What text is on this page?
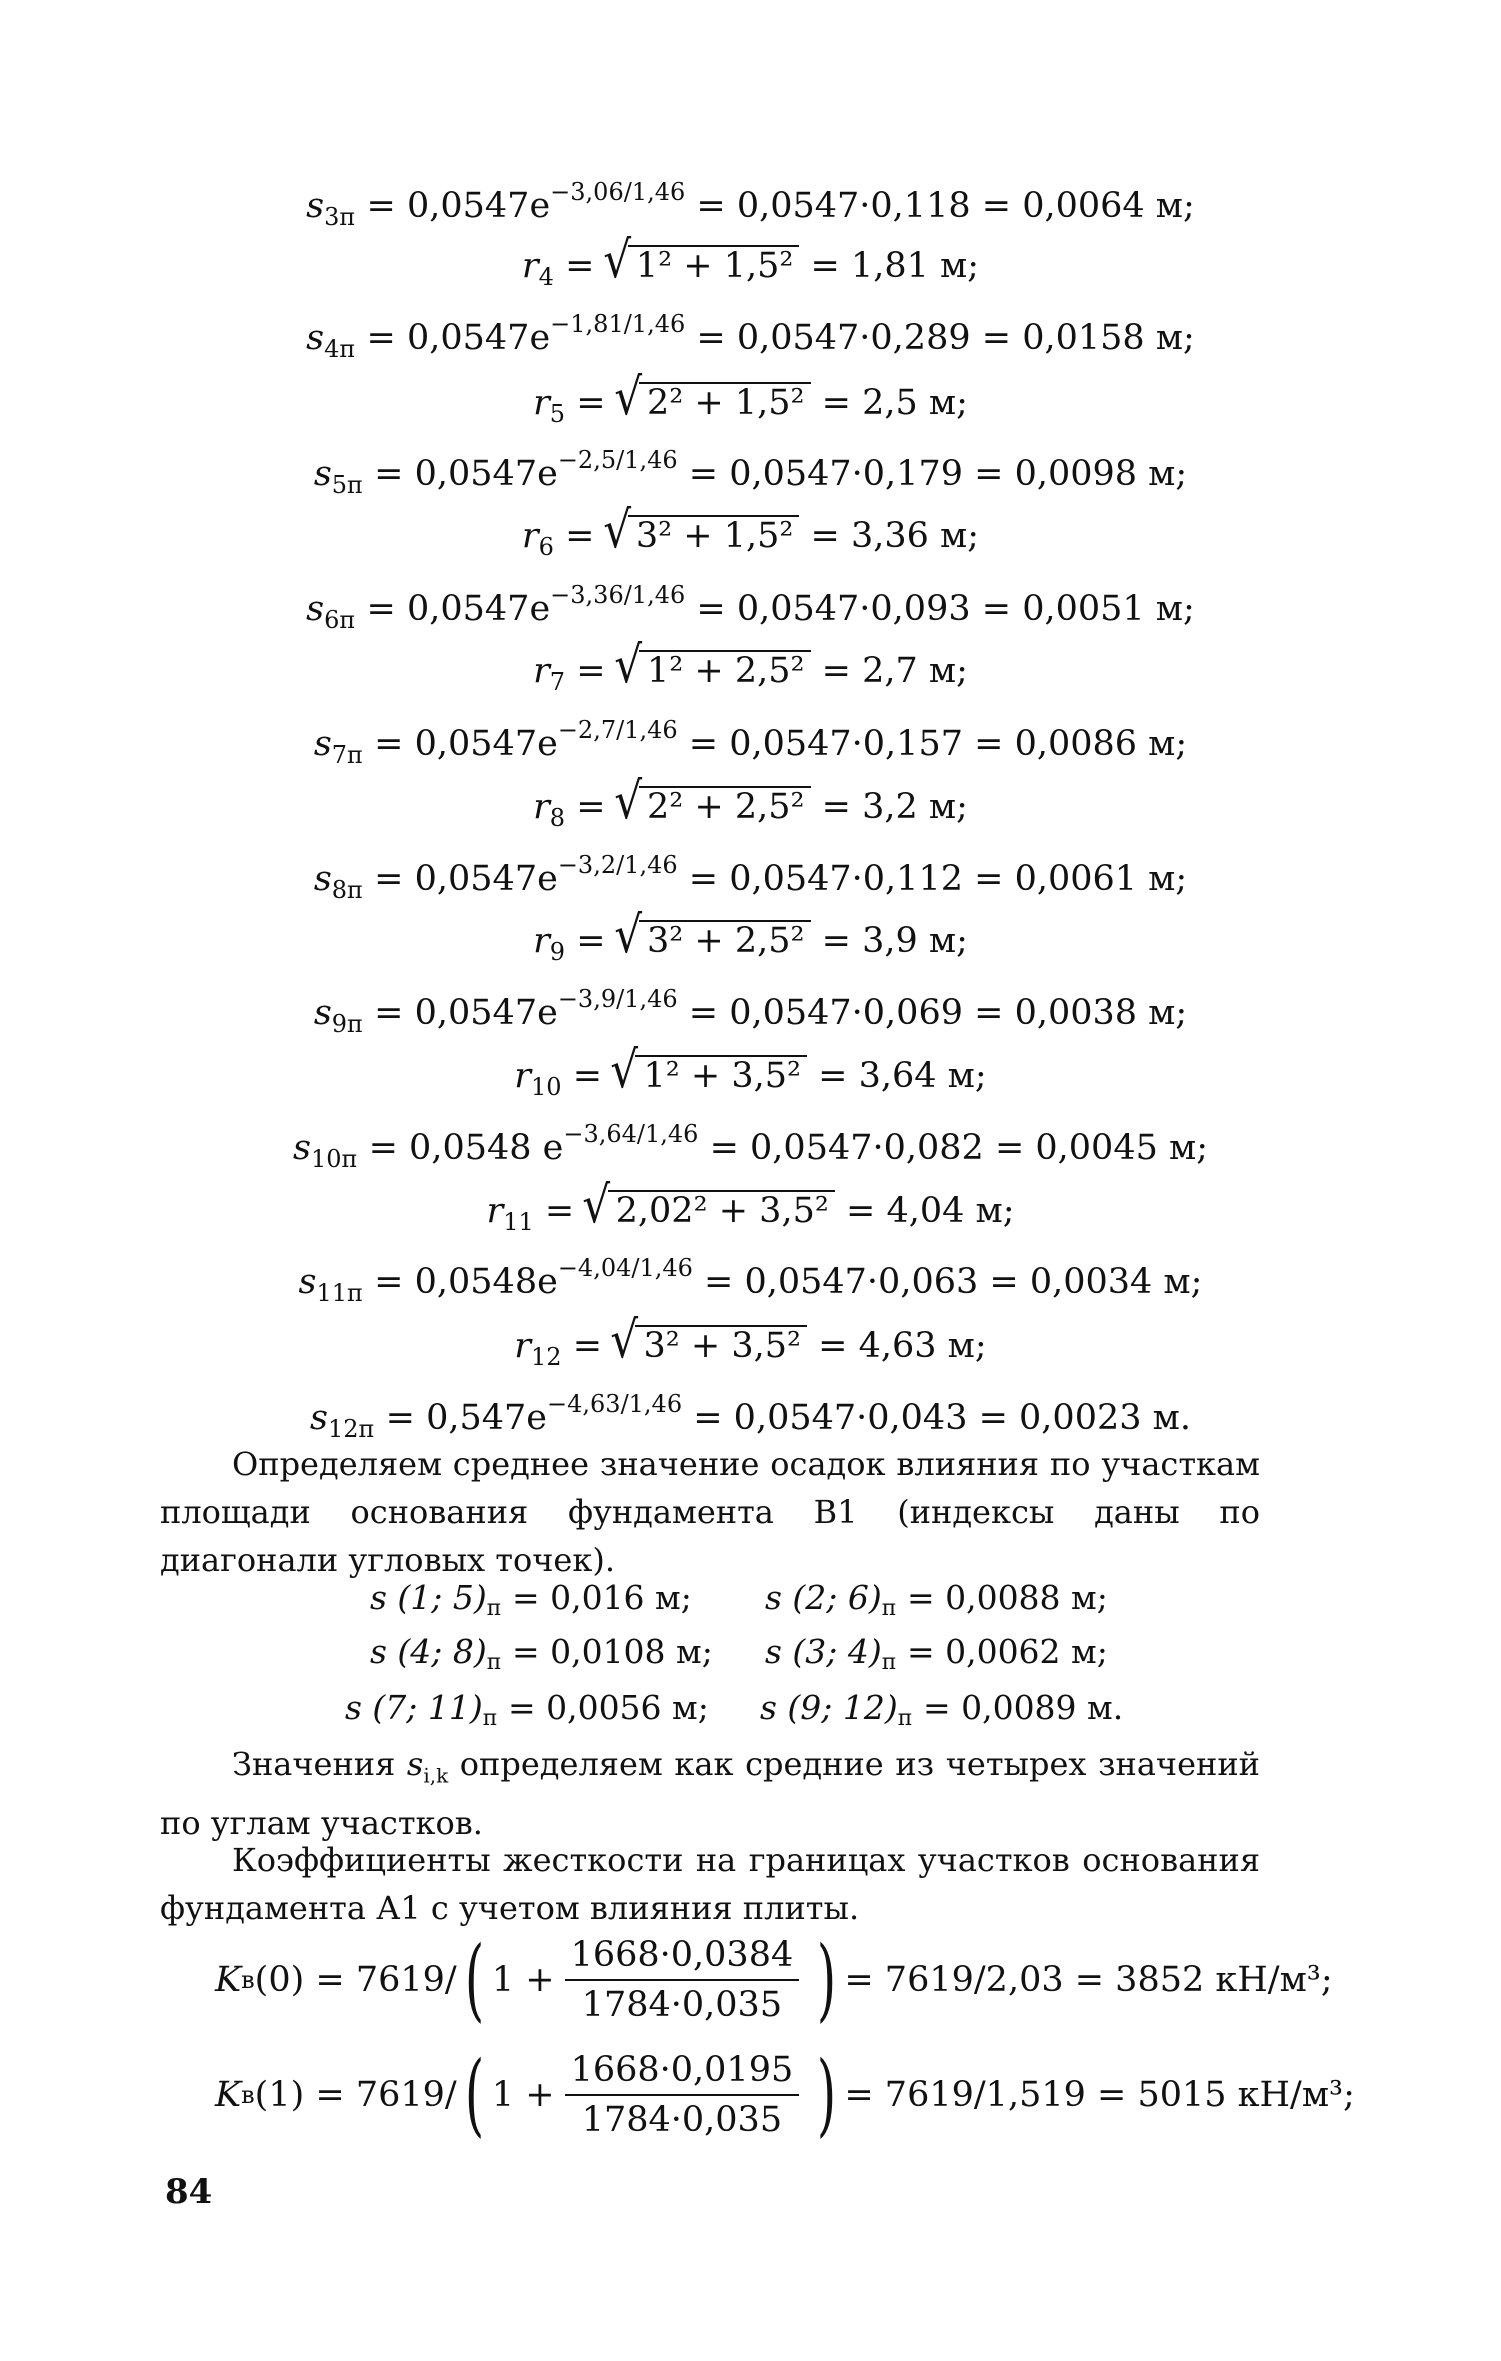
$s_{3п} = 0,0547e^{-3,06/1,46} = 0,0547\cdot 0,118 = 0,0064$ м;
$r_4$ = √ 1² + 1,5² = 1,81 м;
$s_{4п} = 0,0547e^{-1,81/1,46} = 0,0547\cdot 0,289 = 0,0158$ м;
$r_5$ = √ 2² + 1,5² = 2,5 м;
$s_{5п} = 0,0547e^{-2,5/1,46} = 0,0547\cdot 0,179 = 0,0098$ м;
$r_6$ = √ 3² + 1,5² = 3,36 м;
$s_{6п} = 0,0547e^{-3,36/1,46} = 0,0547\cdot 0,093 = 0,0051$ м;
$r_7$ = √ 1² + 2,5² = 2,7 м;
$s_{7п} = 0,0547e^{-2,7/1,46} = 0,0547\cdot 0,157 = 0,0086$ м;
$r_8$ = √ 2² + 2,5² = 3,2 м;
$s_{8п} = 0,0547e^{-3,2/1,46} = 0,0547\cdot 0,112 = 0,0061$ м;
$r_9$ = √ 3² + 2,5² = 3,9 м;
$s_{9п} = 0,0547e^{-3,9/1,46} = 0,0547\cdot 0,069 = 0,0038$ м;
$r_{10}$ = √ 1² + 3,5² = 3,64 м;
$s_{10п} = 0,0548$ $e^{-3,64/1,46} = 0,0547\cdot 0,082 = 0,0045$ м;
$r_{11}$ = √ 2,02² + 3,5² = 4,04 м;
$s_{11п} = 0,0548e^{-4,04/1,46} = 0,0547\cdot 0,063 = 0,0034$ м;
$r_{12}$ = √ 3² + 3,5² = 4,63 м;
$s_{12п} = 0,547e^{-4,63/1,46} = 0,0547\cdot 0,043 = 0,0023$ м.
Определяем среднее значение осадок влияния по участкам площади основания фундамента В1 (индексы даны по диагонали угловых точек).
s (1; $5)_п = 0,016$ м; s (2; $6)_п = 0,0088$ м;
s (4; $8)_п = 0,0108$ м; s (3; $4)_п = 0,0062$ м;
s (7; $11)_п = 0,0056$ м; s (9; $12)_п = 0,0089$ м.
Значения $s_{i,k}$ определяем как средние из четырех значений по углам участков.
Коэффициенты жесткости на границах участков основания фундамента А1 с учетом влияния плиты.
K в (0) = 7619/ ( $1 + \frac{1668\cdot 0,0384}{1784\cdot 0,035}$ ) = 7619/2,03 = 3852 кН/м³;
K в (1) = 7619/ ( $1 + \frac{1668\cdot 0,0195}{1784\cdot 0,035}$ ) = 7619/1,519 = 5015 кН/м³;
84
